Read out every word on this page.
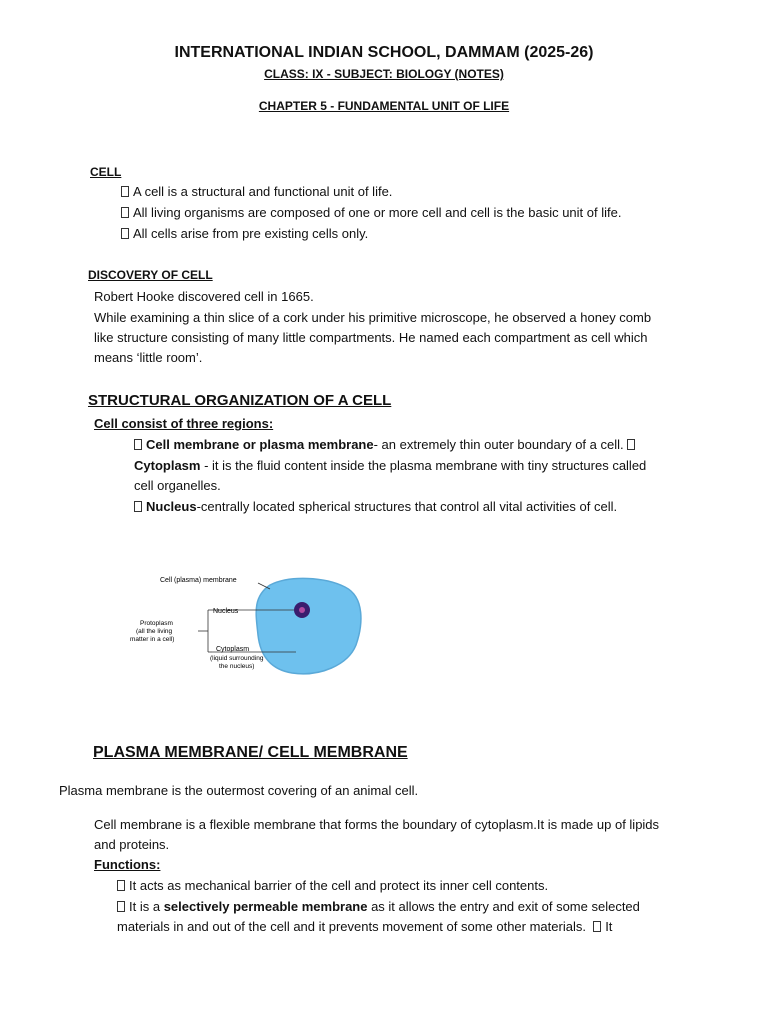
INTERNATIONAL INDIAN SCHOOL, DAMMAM (2025-26)
CLASS: IX - SUBJECT: BIOLOGY (NOTES)
CHAPTER 5 - FUNDAMENTAL UNIT OF LIFE
CELL
A cell is a structural and functional unit of life.
All living organisms are composed of one or more cell and cell is the basic unit of life.
All cells arise from pre existing cells only.
DISCOVERY OF CELL
Robert Hooke discovered cell in 1665.
While examining a thin slice of a cork under his primitive microscope, he observed a honey comb
like structure consisting of many little compartments. He named each compartment as cell which
means ‘little room’.
STRUCTURAL ORGANIZATION OF A CELL
Cell consist of three regions:
Cell membrane or plasma membrane- an extremely thin outer boundary of a cell.
Cytoplasm - it is the fluid content inside the plasma membrane with tiny structures called
cell organelles.
Nucleus-centrally located spherical structures that control all vital activities of cell.
Cell (plasma) membrane
Nucleus
Protoplasm
(all the living
matter in a cell)
Cytoplasm
(liquid surrounding
the nucleus)
PLASMA MEMBRANE/ CELL MEMBRANE
Plasma membrane is the outermost covering of an animal cell.
Cell membrane is a flexible membrane that forms the boundary of cytoplasm.It is made up of lipids
and proteins.
Functions:
It acts as mechanical barrier of the cell and protect its inner cell contents.
It is a selectively permeable membrane as it allows the entry and exit of some selected
materials in and out of the cell and it prevents movement of some other materials. It
